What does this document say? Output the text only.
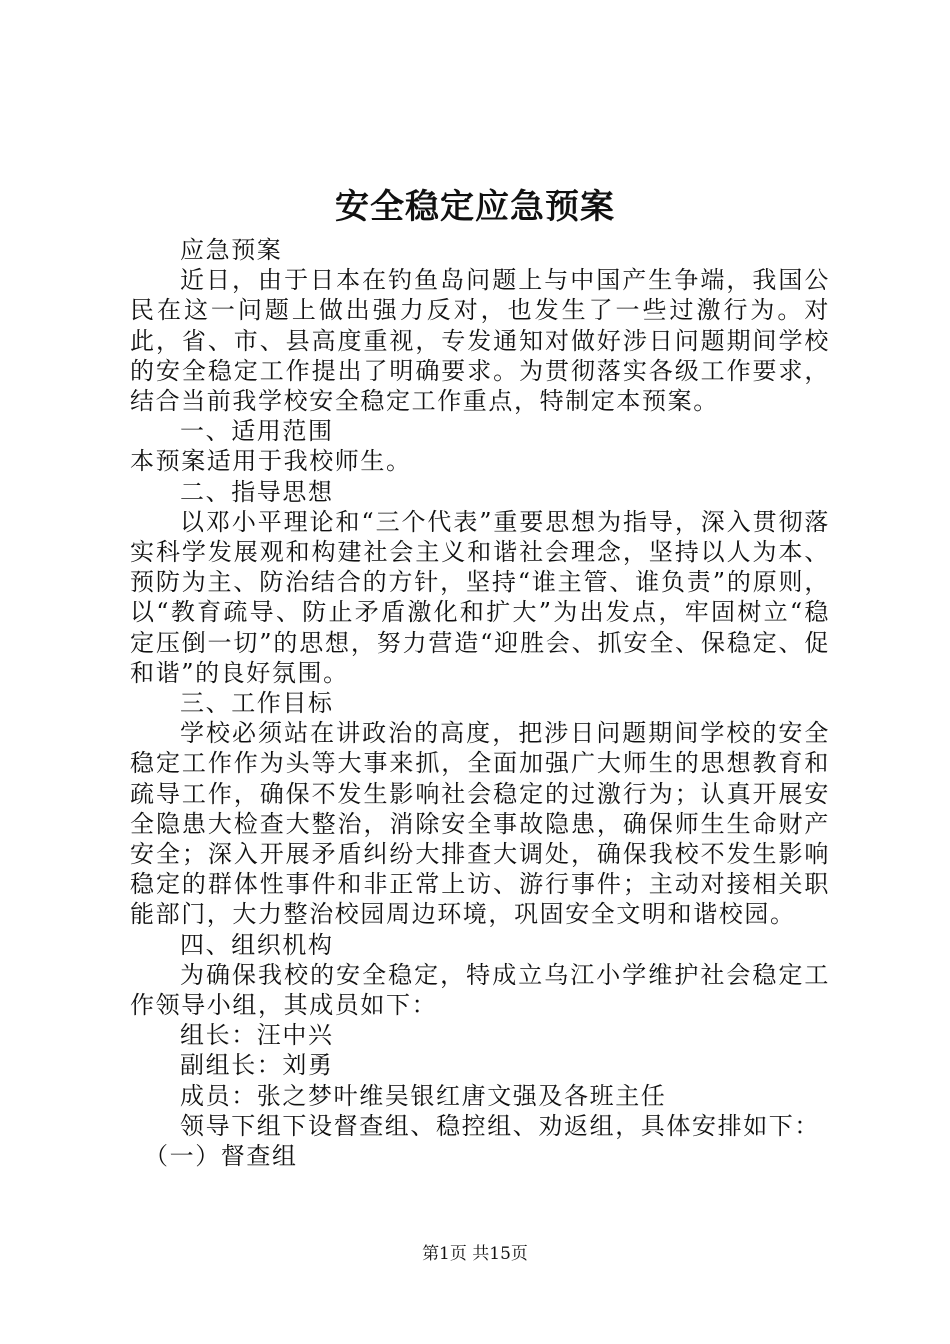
安全稳定应急预案

应急预案

近日，由于日本在钓鱼岛问题上与中国产生争端，我国公民在这一问题上做出强力反对，也发生了一些过激行为。对此，省、市、县高度重视，专发通知对做好涉日问题期间学校的安全稳定工作提出了明确要求。为贯彻落实各级工作要求，结合当前我学校安全稳定工作重点，特制定本预案。

一、适用范围

本预案适用于我校师生。

二、指导思想

以邓小平理论和“三个代表”重要思想为指导，深入贯彻落实科学发展观和构建社会主义和谐社会理念，坚持以人为本、预防为主、防治结合的方针，坚持“谁主管、谁负责”的原则，以“教育疏导、防止矛盾激化和扩大”为出发点，牢固树立“稳定压倒一切”的思想，努力营造“迎胜会、抓安全、保稳定、促和谐”的良好氛围。

三、工作目标

学校必须站在讲政治的高度，把涉日问题期间学校的安全稳定工作作为头等大事来抓，全面加强广大师生的思想教育和疏导工作，确保不发生影响社会稳定的过激行为；认真开展安全隐患大检查大整治，消除安全事故隐患，确保师生生命财产安全；深入开展矛盾纠纷大排查大调处，确保我校不发生影响稳定的群体性事件和非正常上访、游行事件；主动对接相关职能部门，大力整治校园周边环境，巩固安全文明和谐校园。

四、组织机构

为确保我校的安全稳定，特成立乌江小学维护社会稳定工作领导小组，其成员如下：

组长：汪中兴

副组长：刘勇

成员：张之梦叶维吴银红唐文强及各班主任

领导下组下设督查组、稳控组、劝返组，具体安排如下：

（一）督查组

第1页 共15页
